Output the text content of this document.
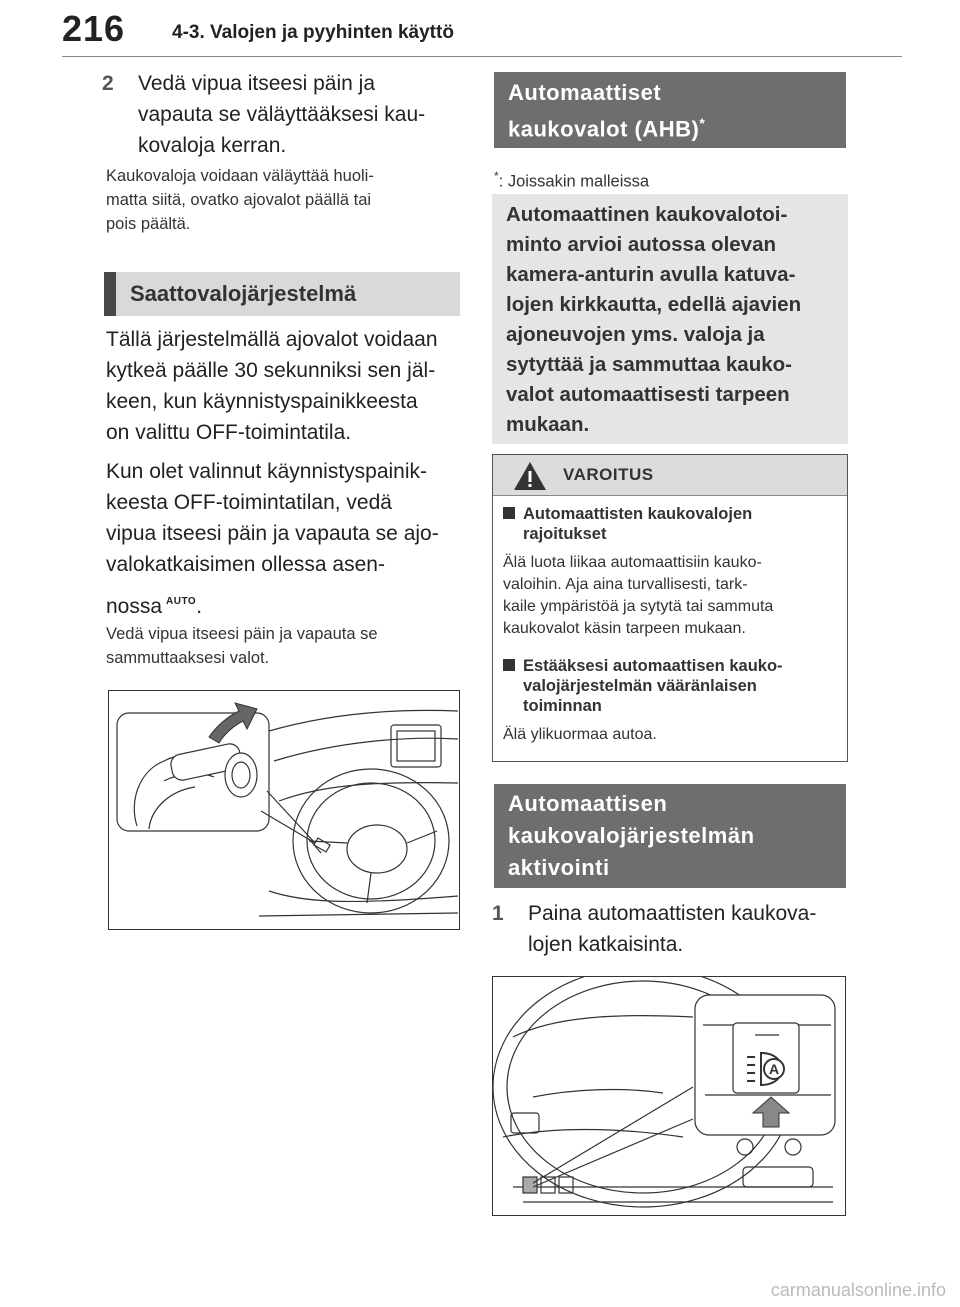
216 4-3. Valojen ja pyyhinten käyttö
2 Vedä vipua itseesi päin ja
vapauta se väläyttääksesi kau-
kovaloja kerran.
Kaukovaloja voidaan väläyttää huoli-
matta siitä, ovatko ajovalot päällä tai
pois päältä.
Saattovalojärjestelmä
Tällä järjestelmällä ajovalot voidaan
kytkeä päälle 30 sekunniksi sen jäl-
keen, kun käynnistyspainikkeesta
on valittu OFF-toimintatila.
Kun olet valinnut käynnistyspainik-
keesta OFF-toimintatilan, vedä
vipua itseesi päin ja vapauta se ajo-
valokatkaisimen ollessa asen-
nossa AUTO.
Vedä vipua itseesi päin ja vapauta se
sammuttaaksesi valot.
Automaattiset
kaukovalot (AHB)*
*: Joissakin malleissa
Automaattinen kaukovalotoi-
minto arvioi autossa olevan
kamera-anturin avulla katuva-
lojen kirkkautta, edellä ajavien
ajoneuvojen yms. valoja ja
sytyttää ja sammuttaa kauko-
valot automaattisesti tarpeen
mukaan.
VAROITUS
Automaattisten kaukovalojen
rajoitukset
Älä luota liikaa automaattisiin kauko-
valoihin. Aja aina turvallisesti, tark-
kaile ympäristöä ja sytytä tai sammuta
kaukovalot käsin tarpeen mukaan.
Estääksesi automaattisen kauko-
valojärjestelmän vääränlaisen
toiminnan
Älä ylikuormaa autoa.
Automaattisen
kaukovalojärjestelmän
aktivointi
1 Paina automaattisten kaukova-
lojen katkaisinta.
A
carmanualsonline.info
